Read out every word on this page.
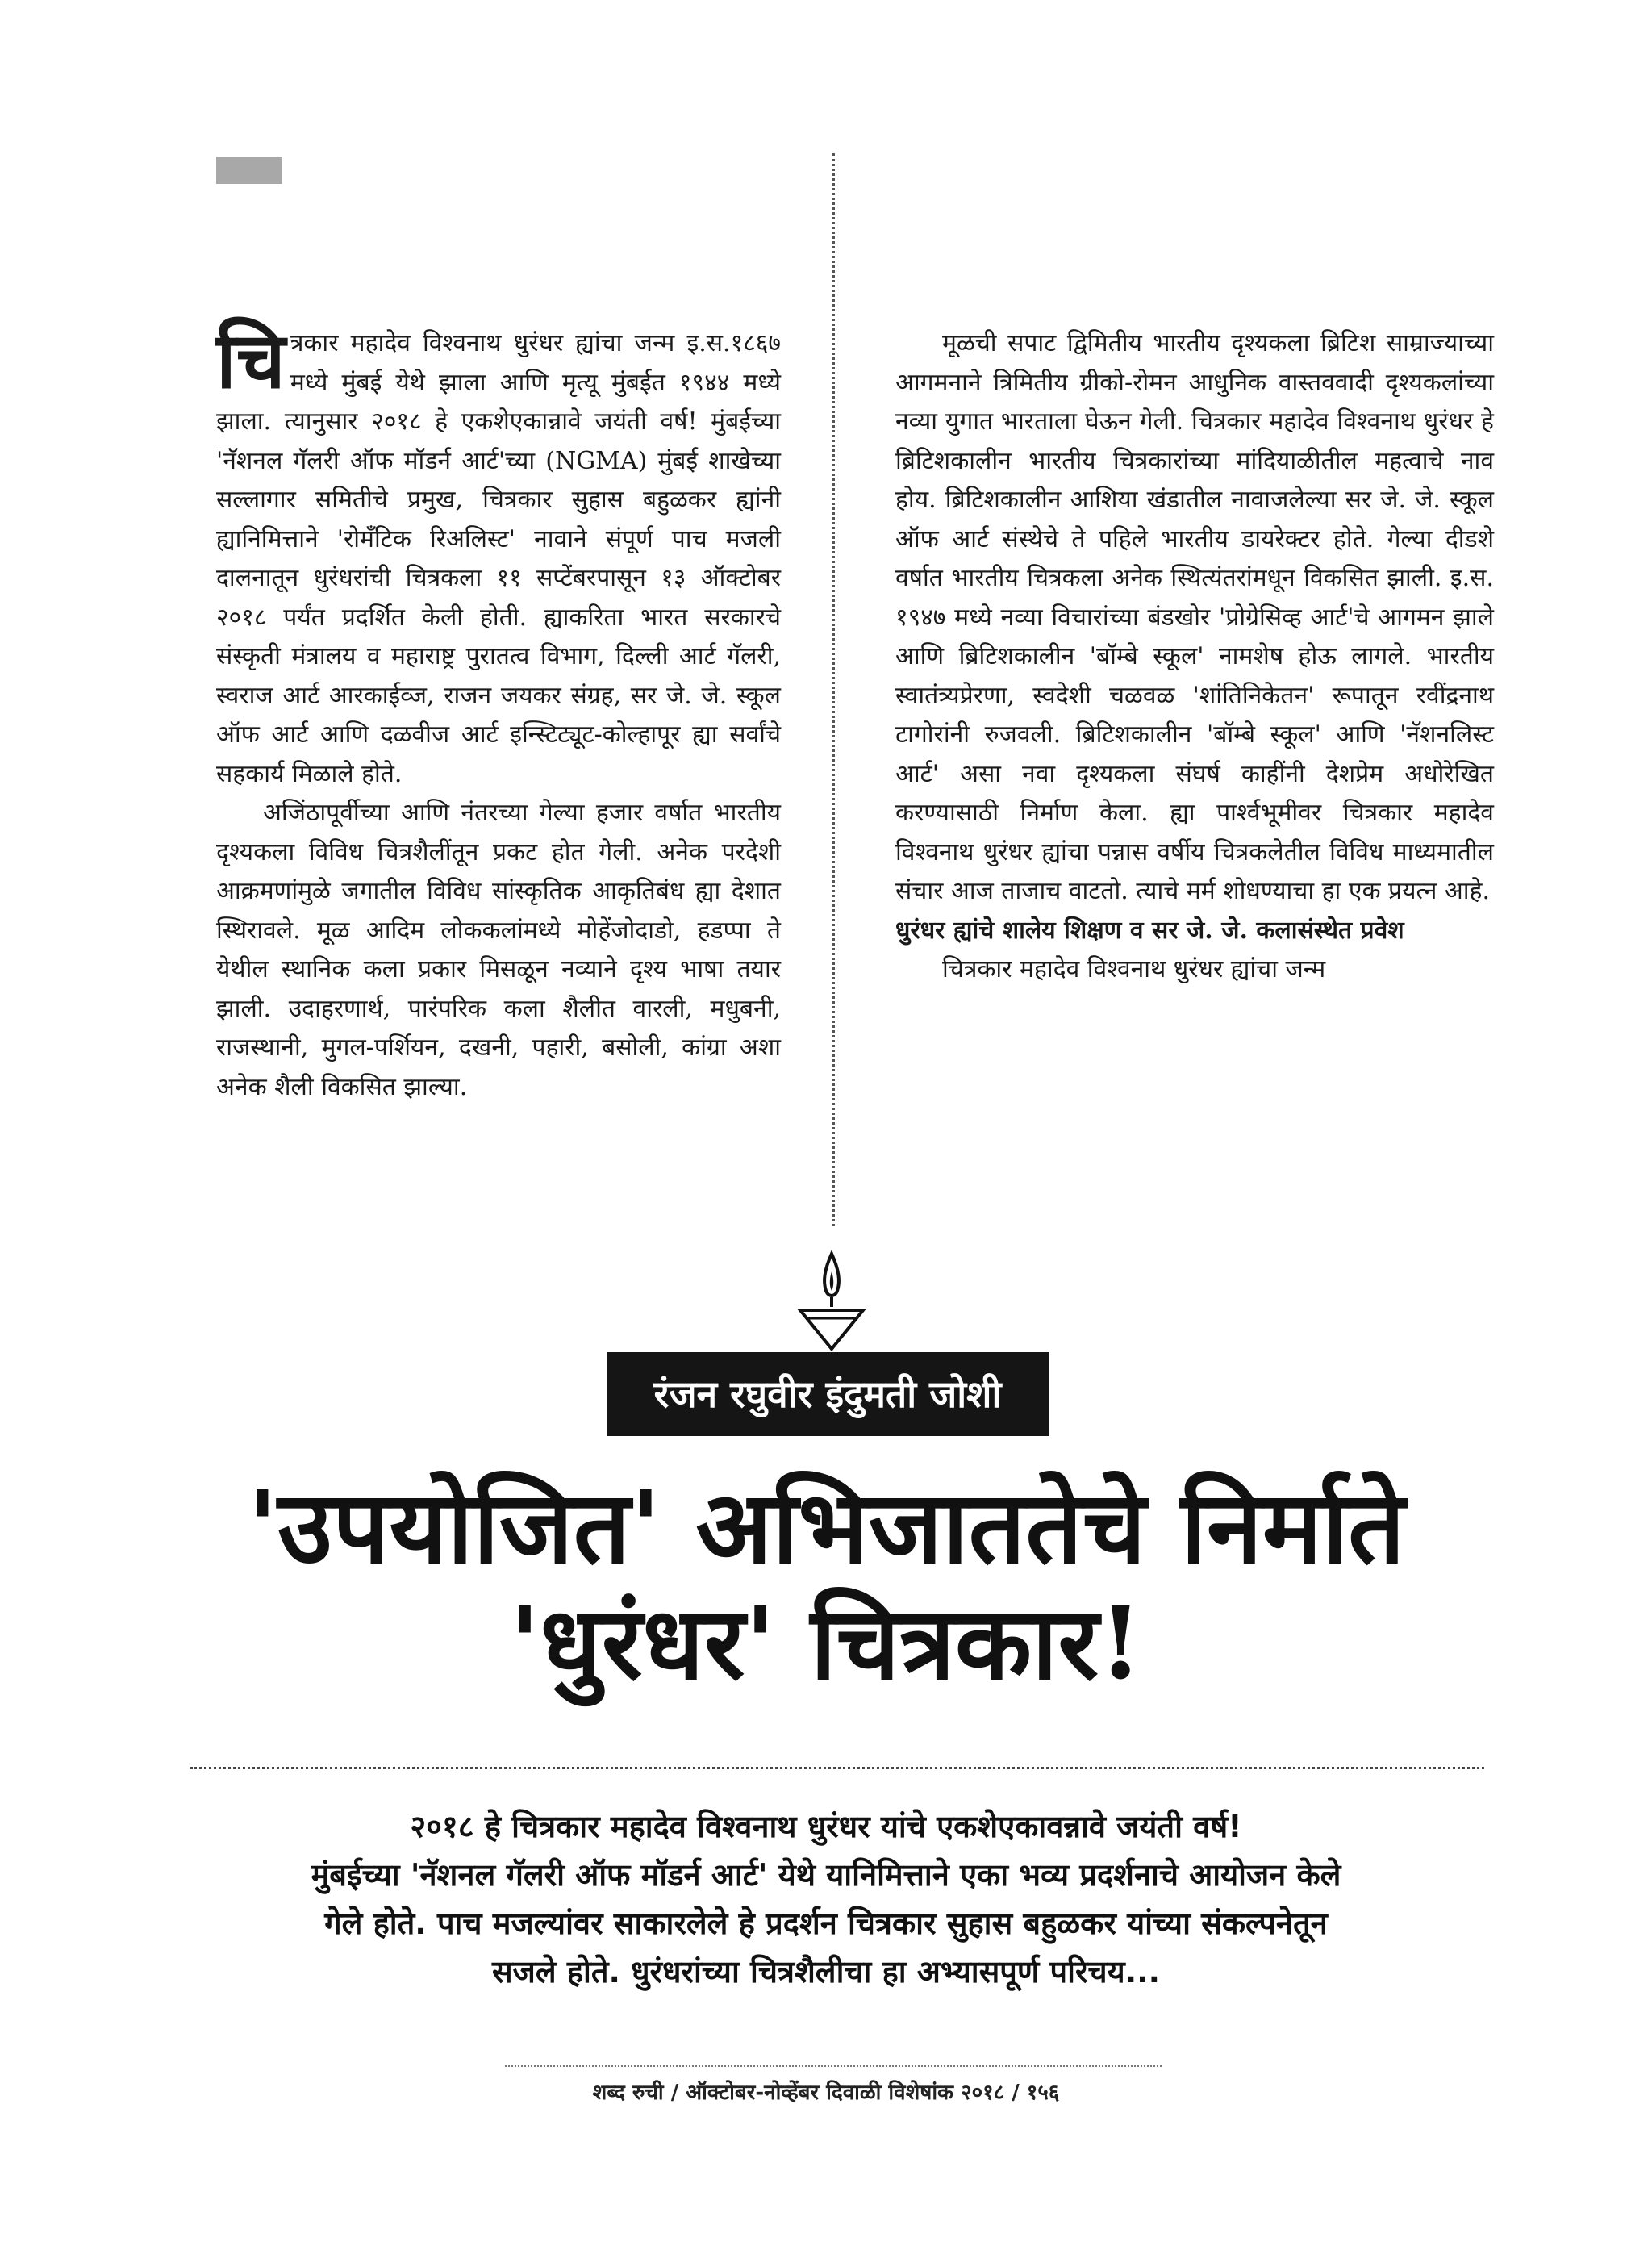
चित्रकार महादेव विश्वनाथ धुरंधर ह्यांचा जन्म इ.स.१८६७ मध्ये मुंबई येथे झाला आणि मृत्यू मुंबईत १९४४ मध्ये झाला. त्यानुसार २०१८ हे एकशेएकान्नावे जयंती वर्ष! मुंबईच्या 'नॅशनल गॅलरी ऑफ मॉडर्न आर्ट'च्या (NGMA) मुंबई शाखेच्या सल्लागार समितीचे प्रमुख, चित्रकार सुहास बहुळकर ह्यांनी ह्यानिमित्ताने 'रोमॅंटिक रिअलिस्ट' नावाने संपूर्ण पाच मजली दालनातून धुरंधरांची चित्रकला ११ सप्टेंबरपासून १३ ऑक्टोबर २०१८ पर्यंत प्रदर्शित केली होती. ह्याकरिता भारत सरकारचे संस्कृती मंत्रालय व महाराष्ट्र पुरातत्व विभाग, दिल्ली आर्ट गॅलरी, स्वराज आर्ट आरकाईव्ज, राजन जयकर संग्रह, सर जे. जे. स्कूल ऑफ आर्ट आणि दळवीज आर्ट इन्स्टिट्यूट-कोल्हापूर ह्या सर्वांचे सहकार्य मिळाले होते.

अजिंठापूर्वीच्या आणि नंतरच्या गेल्या हजार वर्षात भारतीय दृश्यकला विविध चित्रशैलींतून प्रकट होत गेली. अनेक परदेशी आक्रमणांमुळे जगातील विविध सांस्कृतिक आकृतिबंध ह्या देशात स्थिरावले. मूळ आदिम लोककलांमध्ये मोहेंजोदाडो, हडप्पा ते येथील स्थानिक कला प्रकार मिसळून नव्याने दृश्य भाषा तयार झाली. उदाहरणार्थ, पारंपरिक कला शैलीत वारली, मधुबनी, राजस्थानी, मुगल-पर्शियन, दखनी, पहारी, बसोली, कांग्रा अशा अनेक शैली विकसित झाल्या.

मूळची सपाट द्विमितीय भारतीय दृश्यकला ब्रिटिश साम्राज्याच्या आगमनाने त्रिमितीय ग्रीको-रोमन आधुनिक वास्तववादी दृश्यकलांच्या नव्या युगात भारताला घेऊन गेली. चित्रकार महादेव विश्वनाथ धुरंधर हे ब्रिटिशकालीन भारतीय चित्रकारांच्या मांदियाळीतील महत्वाचे नाव होय. ब्रिटिशकालीन आशिया खंडातील नावाजलेल्या सर जे. जे. स्कूल ऑफ आर्ट संस्थेचे ते पहिले भारतीय डायरेक्टर होते. गेल्या दीडशे वर्षात भारतीय चित्रकला अनेक स्थित्यंतरांमधून विकसित झाली. इ.स. १९४७ मध्ये नव्या विचारांच्या बंडखोर 'प्रोग्रेसिव्ह आर्ट'चे आगमन झाले आणि ब्रिटिशकालीन 'बॉम्बे स्कूल' नामशेष होऊ लागले. भारतीय स्वातंत्र्यप्रेरणा, स्वदेशी चळवळ 'शांतिनिकेतन' रूपातून रवींद्रनाथ टागोरांनी रुजवली. ब्रिटिशकालीन 'बॉम्बे स्कूल' आणि 'नॅशनलिस्ट आर्ट' असा नवा दृश्यकला संघर्ष काहींनी देशप्रेम अधोरेखित करण्यासाठी निर्माण केला. ह्या पार्श्वभूमीवर चित्रकार महादेव विश्वनाथ धुरंधर ह्यांचा पन्नास वर्षीय चित्रकलेतील विविध माध्यमातील संचार आज ताजाच वाटतो. त्याचे मर्म शोधण्याचा हा एक प्रयत्न आहे.

धुरंधर ह्यांचे शालेय शिक्षण व सर जे. जे. कलासंस्थेत प्रवेश

चित्रकार महादेव विश्वनाथ धुरंधर ह्यांचा जन्म

रंजन रघुवीर इंदुमती जोशी
'उपयोजित' अभिजाततेचे निर्माते
'धुरंधर' चित्रकार!
२०१८ हे चित्रकार महादेव विश्वनाथ धुरंधर यांचे एकशेएकावन्नावे जयंती वर्ष!
मुंबईच्या 'नॅशनल गॅलरी ऑफ मॉडर्न आर्ट' येथे यानिमित्ताने एका भव्य प्रदर्शनाचे आयोजन केले
गेले होते. पाच मजल्यांवर साकारलेले हे प्रदर्शन चित्रकार सुहास बहुळकर यांच्या संकल्पनेतून
सजले होते. धुरंधरांच्या चित्रशैलीचा हा अभ्यासपूर्ण परिचय...
शब्द रुची / ऑक्टोबर-नोव्हेंबर दिवाळी विशेषांक २०१८ / १५६
